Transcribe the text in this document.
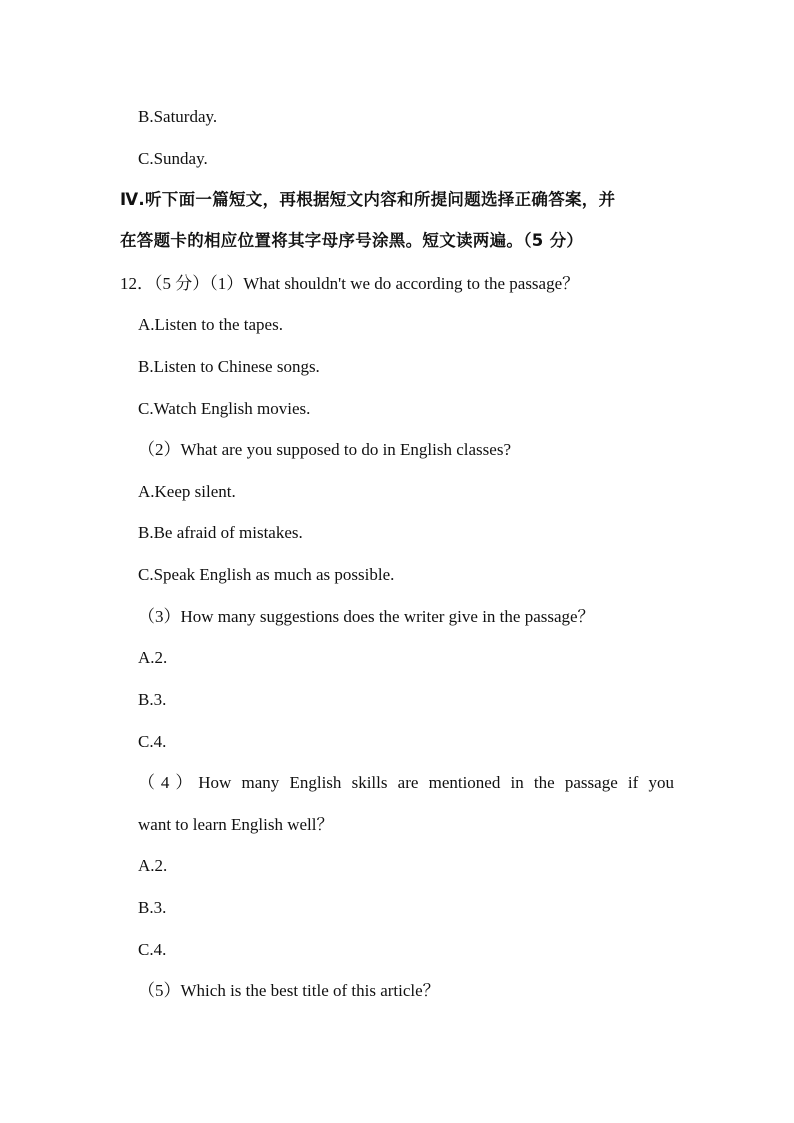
B.Saturday.
C.Sunday.
Ⅳ.听下面一篇短文，再根据短文内容和所提问题选择正确答案，并
在答题卡的相应位置将其字母序号涂黑。短文读两遍。（5 分）
12．（5 分）（1）What shouldn't we do according to the passage？
A.Listen to the tapes.
B.Listen to Chinese songs.
C.Watch English movies.
（2）What are you supposed to do in English classes?
A.Keep silent.
B.Be afraid of mistakes.
C.Speak English as much as possible.
（3）How many suggestions does the writer give in the passage？
A.2.
B.3.
C.4.
（4）How many English skills are mentioned in the passage if you
want to learn English well？
A.2.
B.3.
C.4.
（5）Which is the best title of this article？
